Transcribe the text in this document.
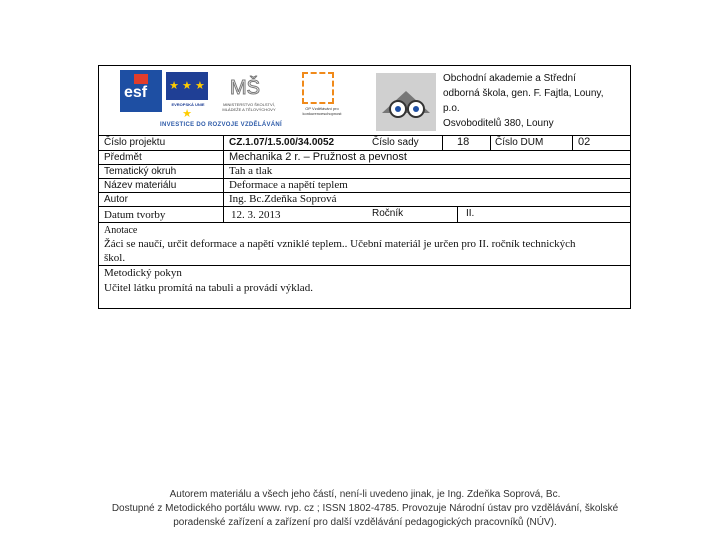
esf ★ ★ ★ ★
EVROPSKÁ UNIE
MŠ
MINISTERSTVO ŠKOLSTVÍ, MLÁDEŽE A TĚLOVÝCHOVY	OP Vzdělávání pro konkurenceschopnost
INVESTICE DO ROZVOJE VZDĚLÁVÁNÍ
Obchodní akademie a Střední
odborná škola, gen. F. Fajtla, Louny,
p.o.
Osvoboditelů 380, Louny
Číslo projektu	CZ.1.07/1.5.00/34.0052	Číslo sady	18	Číslo DUM	02
Předmět	Mechanika 2 r. – Pružnost a pevnost
Tematický okruh	Tah a tlak
Název materiálu	Deformace a napětí teplem
Autor	Ing. Bc.Zdeňka Soprová
Datum tvorby	12. 3. 2013	Ročník	II.
Anotace
Žáci se naučí, určit deformace a napětí vzniklé teplem.. Učební materiál je určen pro II. ročník technických
škol.
Metodický pokyn
Učitel látku promítá na tabuli a provádí výklad.
Autorem materiálu a všech jeho částí, není-li uvedeno jinak, je Ing. Zdeňka Soprová, Bc.
Dostupné z Metodického portálu www. rvp. cz ; ISSN 1802-4785. Provozuje Národní ústav pro vzdělávání, školské
poradenské zařízení a zařízení pro další vzdělávání pedagogických pracovníků (NÚV).
